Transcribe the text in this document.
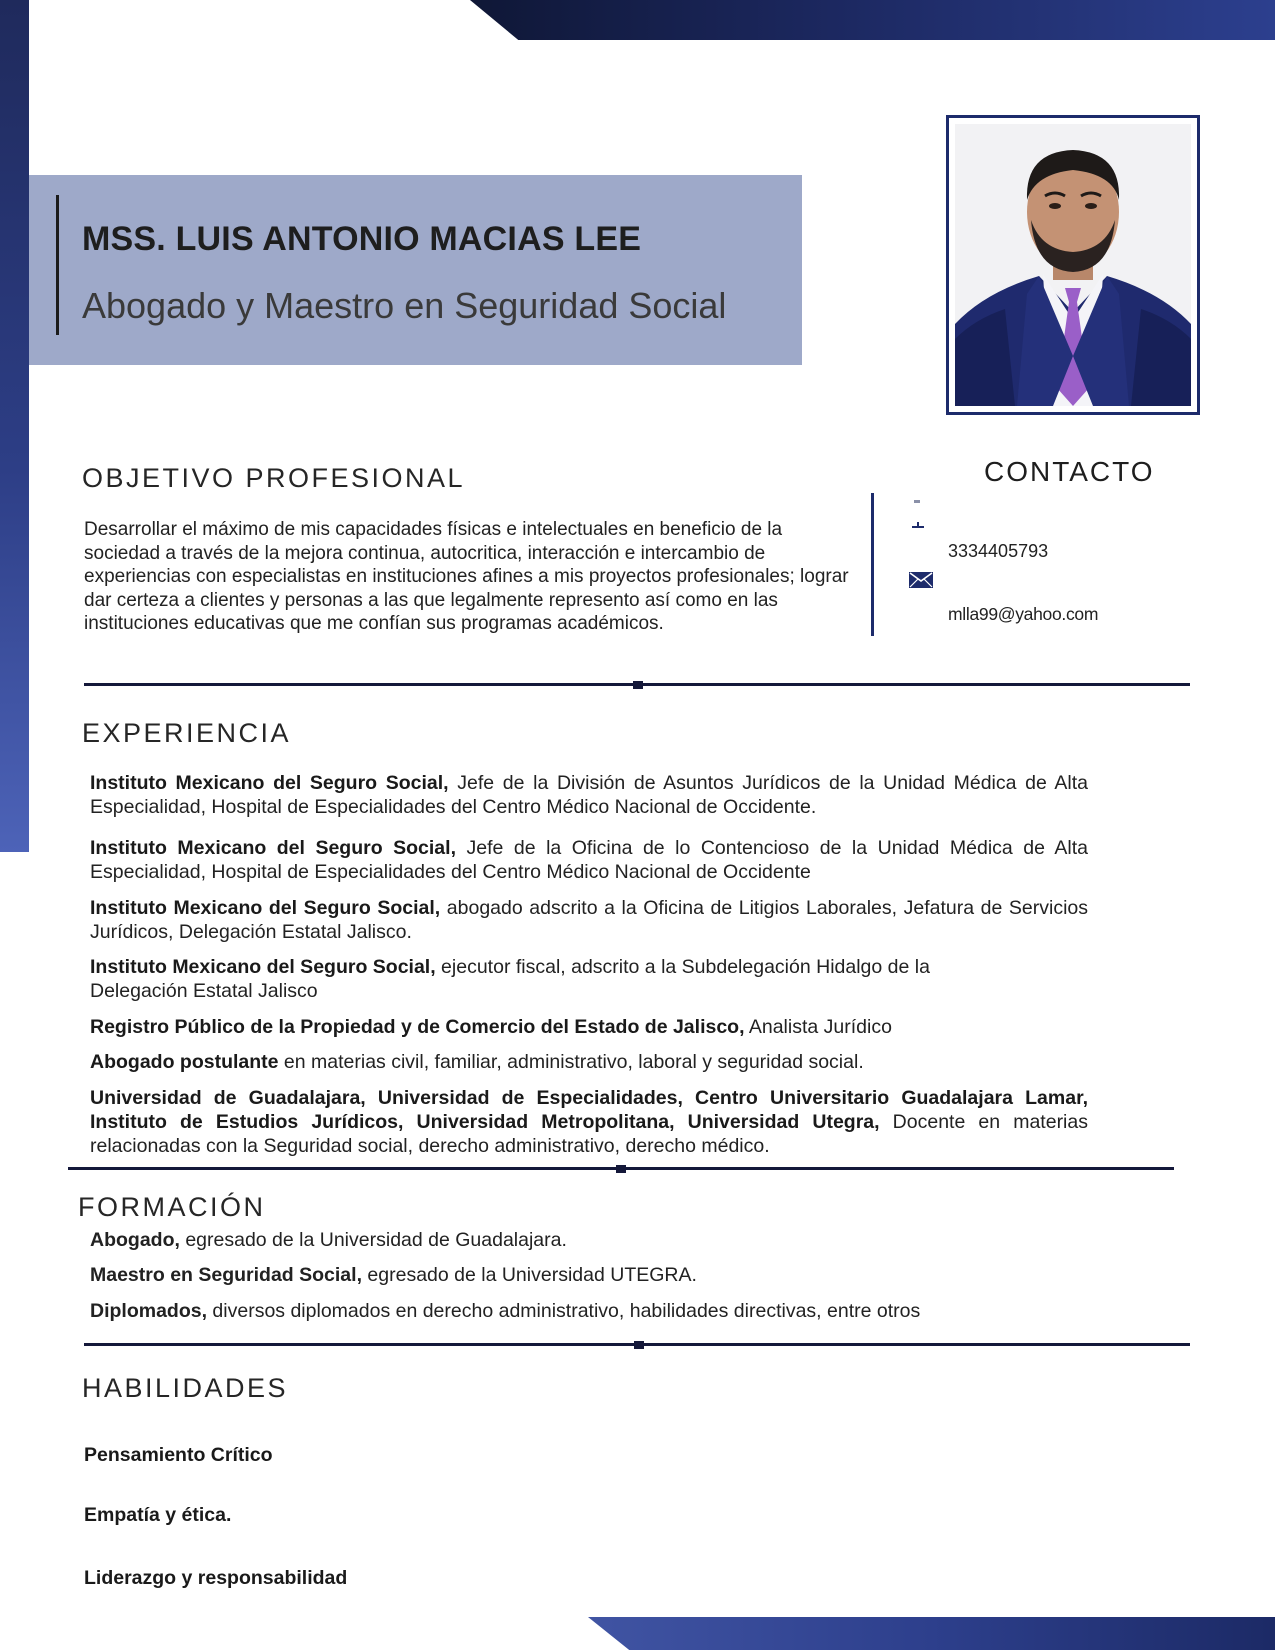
MSS. LUIS ANTONIO MACIAS LEE
Abogado y Maestro en Seguridad Social
OBJETIVO PROFESIONAL
Desarrollar el máximo de mis capacidades físicas e intelectuales en beneficio de la sociedad a través de la mejora continua, autocritica, interacción e intercambio de experiencias con especialistas en instituciones afines a mis proyectos profesionales; lograr dar certeza a clientes y personas a las que legalmente represento así como en las instituciones educativas que me confían sus programas académicos.
CONTACTO
3334405793
mlla99@yahoo.com
EXPERIENCIA
Instituto Mexicano del Seguro Social, Jefe de la División de Asuntos Jurídicos de la Unidad Médica de Alta Especialidad, Hospital de Especialidades del Centro Médico Nacional de Occidente.
Instituto Mexicano del Seguro Social, Jefe de la Oficina de lo Contencioso de la Unidad Médica de Alta Especialidad, Hospital de Especialidades del Centro Médico Nacional de Occidente
Instituto Mexicano del Seguro Social, abogado adscrito a la Oficina de Litigios Laborales, Jefatura de Servicios Jurídicos, Delegación Estatal Jalisco.
Instituto Mexicano del Seguro Social, ejecutor fiscal, adscrito a la Subdelegación Hidalgo de la Delegación Estatal Jalisco
Registro Público de la Propiedad y de Comercio del Estado de Jalisco, Analista Jurídico
Abogado postulante en materias civil, familiar, administrativo, laboral y seguridad social.
Universidad de Guadalajara, Universidad de Especialidades, Centro Universitario Guadalajara Lamar, Instituto de Estudios Jurídicos, Universidad Metropolitana, Universidad Utegra, Docente en materias relacionadas con la Seguridad social, derecho administrativo, derecho médico.
FORMACIÓN
Abogado, egresado de la Universidad de Guadalajara.
Maestro en Seguridad Social, egresado de la Universidad UTEGRA.
Diplomados, diversos diplomados en derecho administrativo, habilidades directivas, entre otros
HABILIDADES
Pensamiento Crítico
Empatía y ética.
Liderazgo y responsabilidad
